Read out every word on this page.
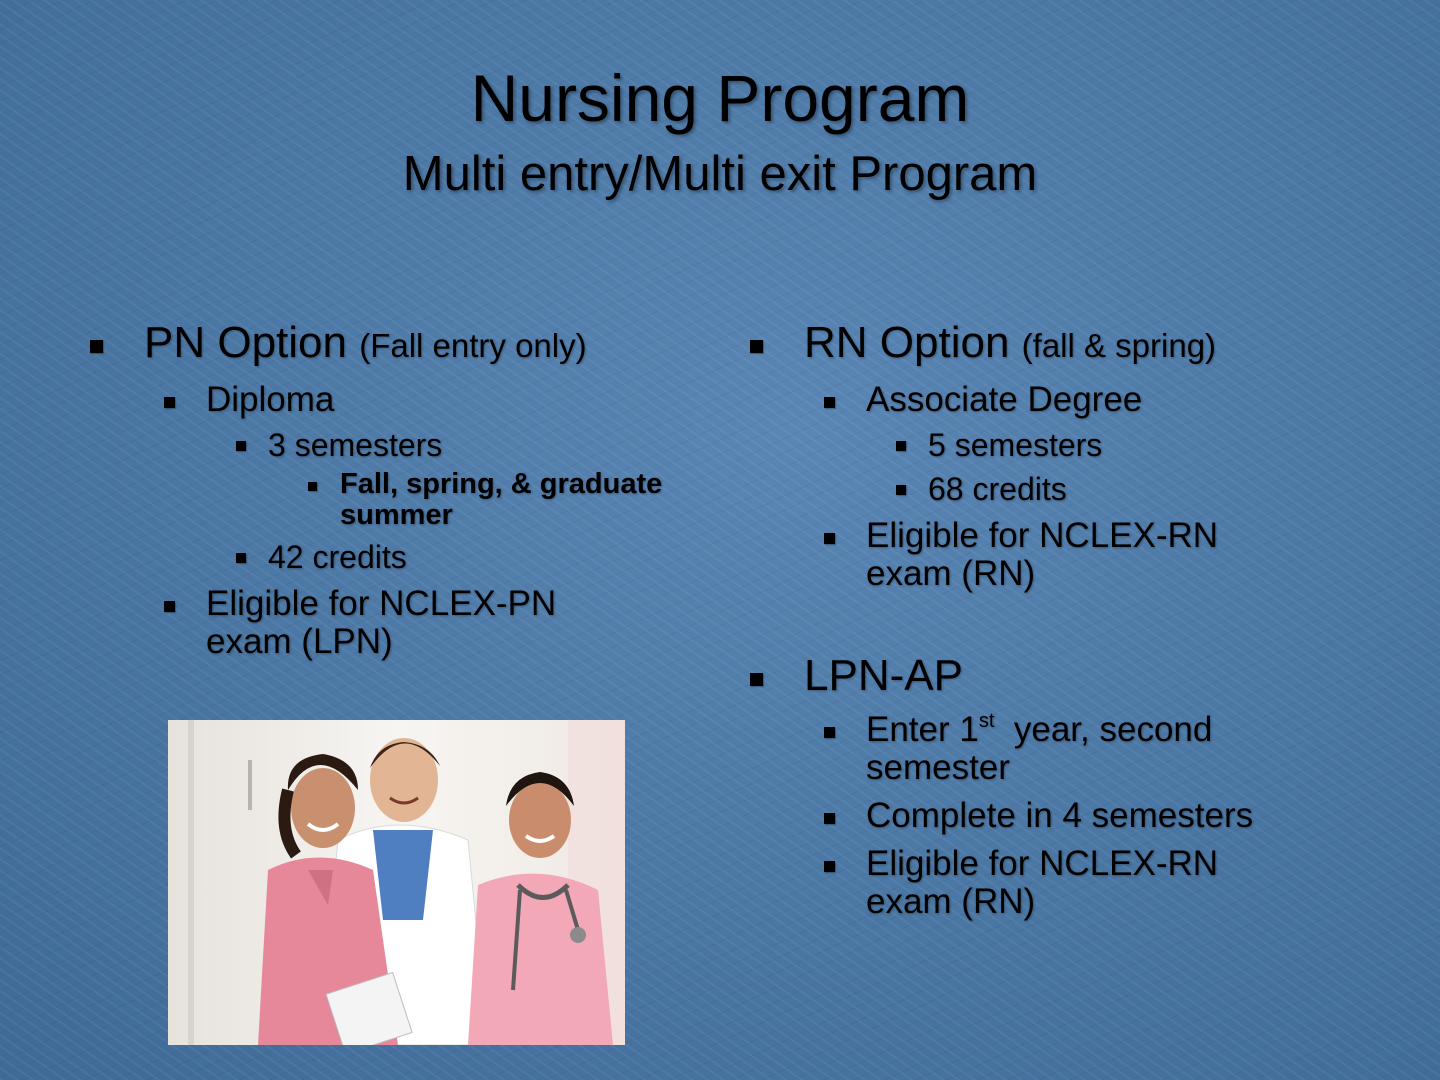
Nursing Program
Multi entry/Multi exit Program
PN Option (Fall entry only)
Diploma
3 semesters
Fall, spring, & graduate summer
42 credits
Eligible for NCLEX-PN exam (LPN)
RN Option (fall & spring)
Associate Degree
5 semesters
68 credits
Eligible for NCLEX-RN exam (RN)
LPN-AP
Enter 1st  year, second semester
Complete in 4 semesters
Eligible for NCLEX-RN exam (RN)
